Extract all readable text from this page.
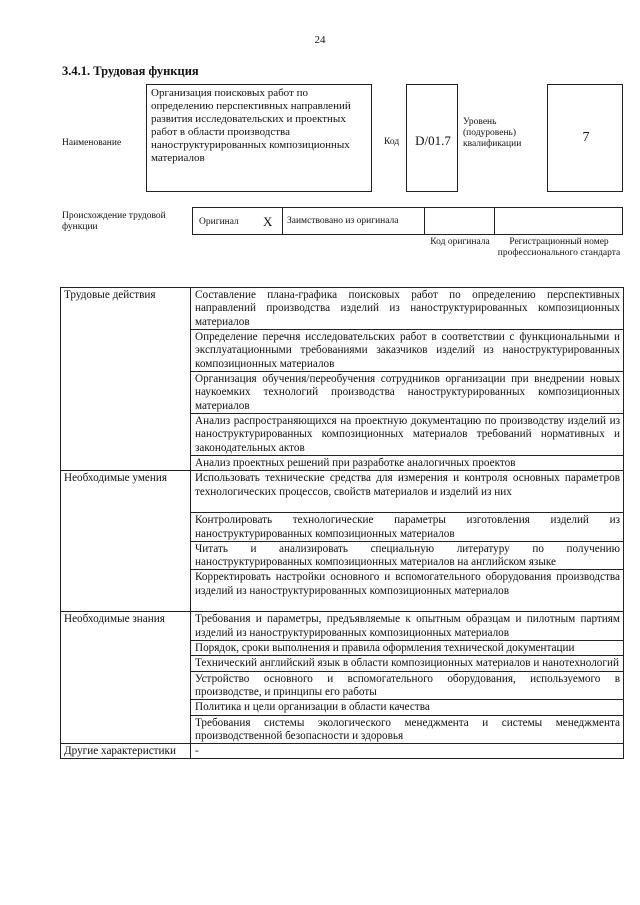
24
3.4.1. Трудовая функция
Наименование
Организация поисковых работ по определению перспективных направлений развития исследовательских и проектных работ в области производства наноструктурированных композиционных материалов
Код	D/01.7
Уровень (подуровень) квалификации	7
Происхождение трудовой функции	Оригинал X Заимствовано из оригинала
Код оригинала	Регистрационный номер профессионального стандарта
Трудовые действия	Составление плана-графика поисковых работ по определению перспективных направлений производства изделий из наноструктурированных композиционных материалов
	Определение перечня исследовательских работ в соответствии с функциональными и эксплуатационными требованиями заказчиков изделий из наноструктурированных композиционных материалов
	Организация обучения/переобучения сотрудников организации при внедрении новых наукоемких технологий производства наноструктурированных композиционных материалов
	Анализ распространяющихся на проектную документацию по производству изделий из наноструктурированных композиционных материалов требований нормативных и законодательных актов
	Анализ проектных решений при разработке аналогичных проектов
Необходимые умения	Использовать технические средства для измерения и контроля основных параметров технологических процессов, свойств материалов и изделий из них
	Контролировать технологические параметры изготовления изделий из наноструктурированных композиционных материалов
	Читать и анализировать специальную литературу по получению наноструктурированных композиционных материалов на английском языке
	Корректировать настройки основного и вспомогательного оборудования производства изделий из наноструктурированных композиционных материалов
Необходимые знания	Требования и параметры, предъявляемые к опытным образцам и пилотным партиям изделий из наноструктурированных композиционных материалов
	Порядок, сроки выполнения и правила оформления технической документации
	Технический английский язык в области композиционных материалов и нанотехнологий
	Устройство основного и вспомогательного оборудования, используемого в производстве, и принципы его работы
	Политика и цели организации в области качества
	Требования системы экологического менеджмента и системы менеджмента производственной безопасности и здоровья
Другие характеристики	-
